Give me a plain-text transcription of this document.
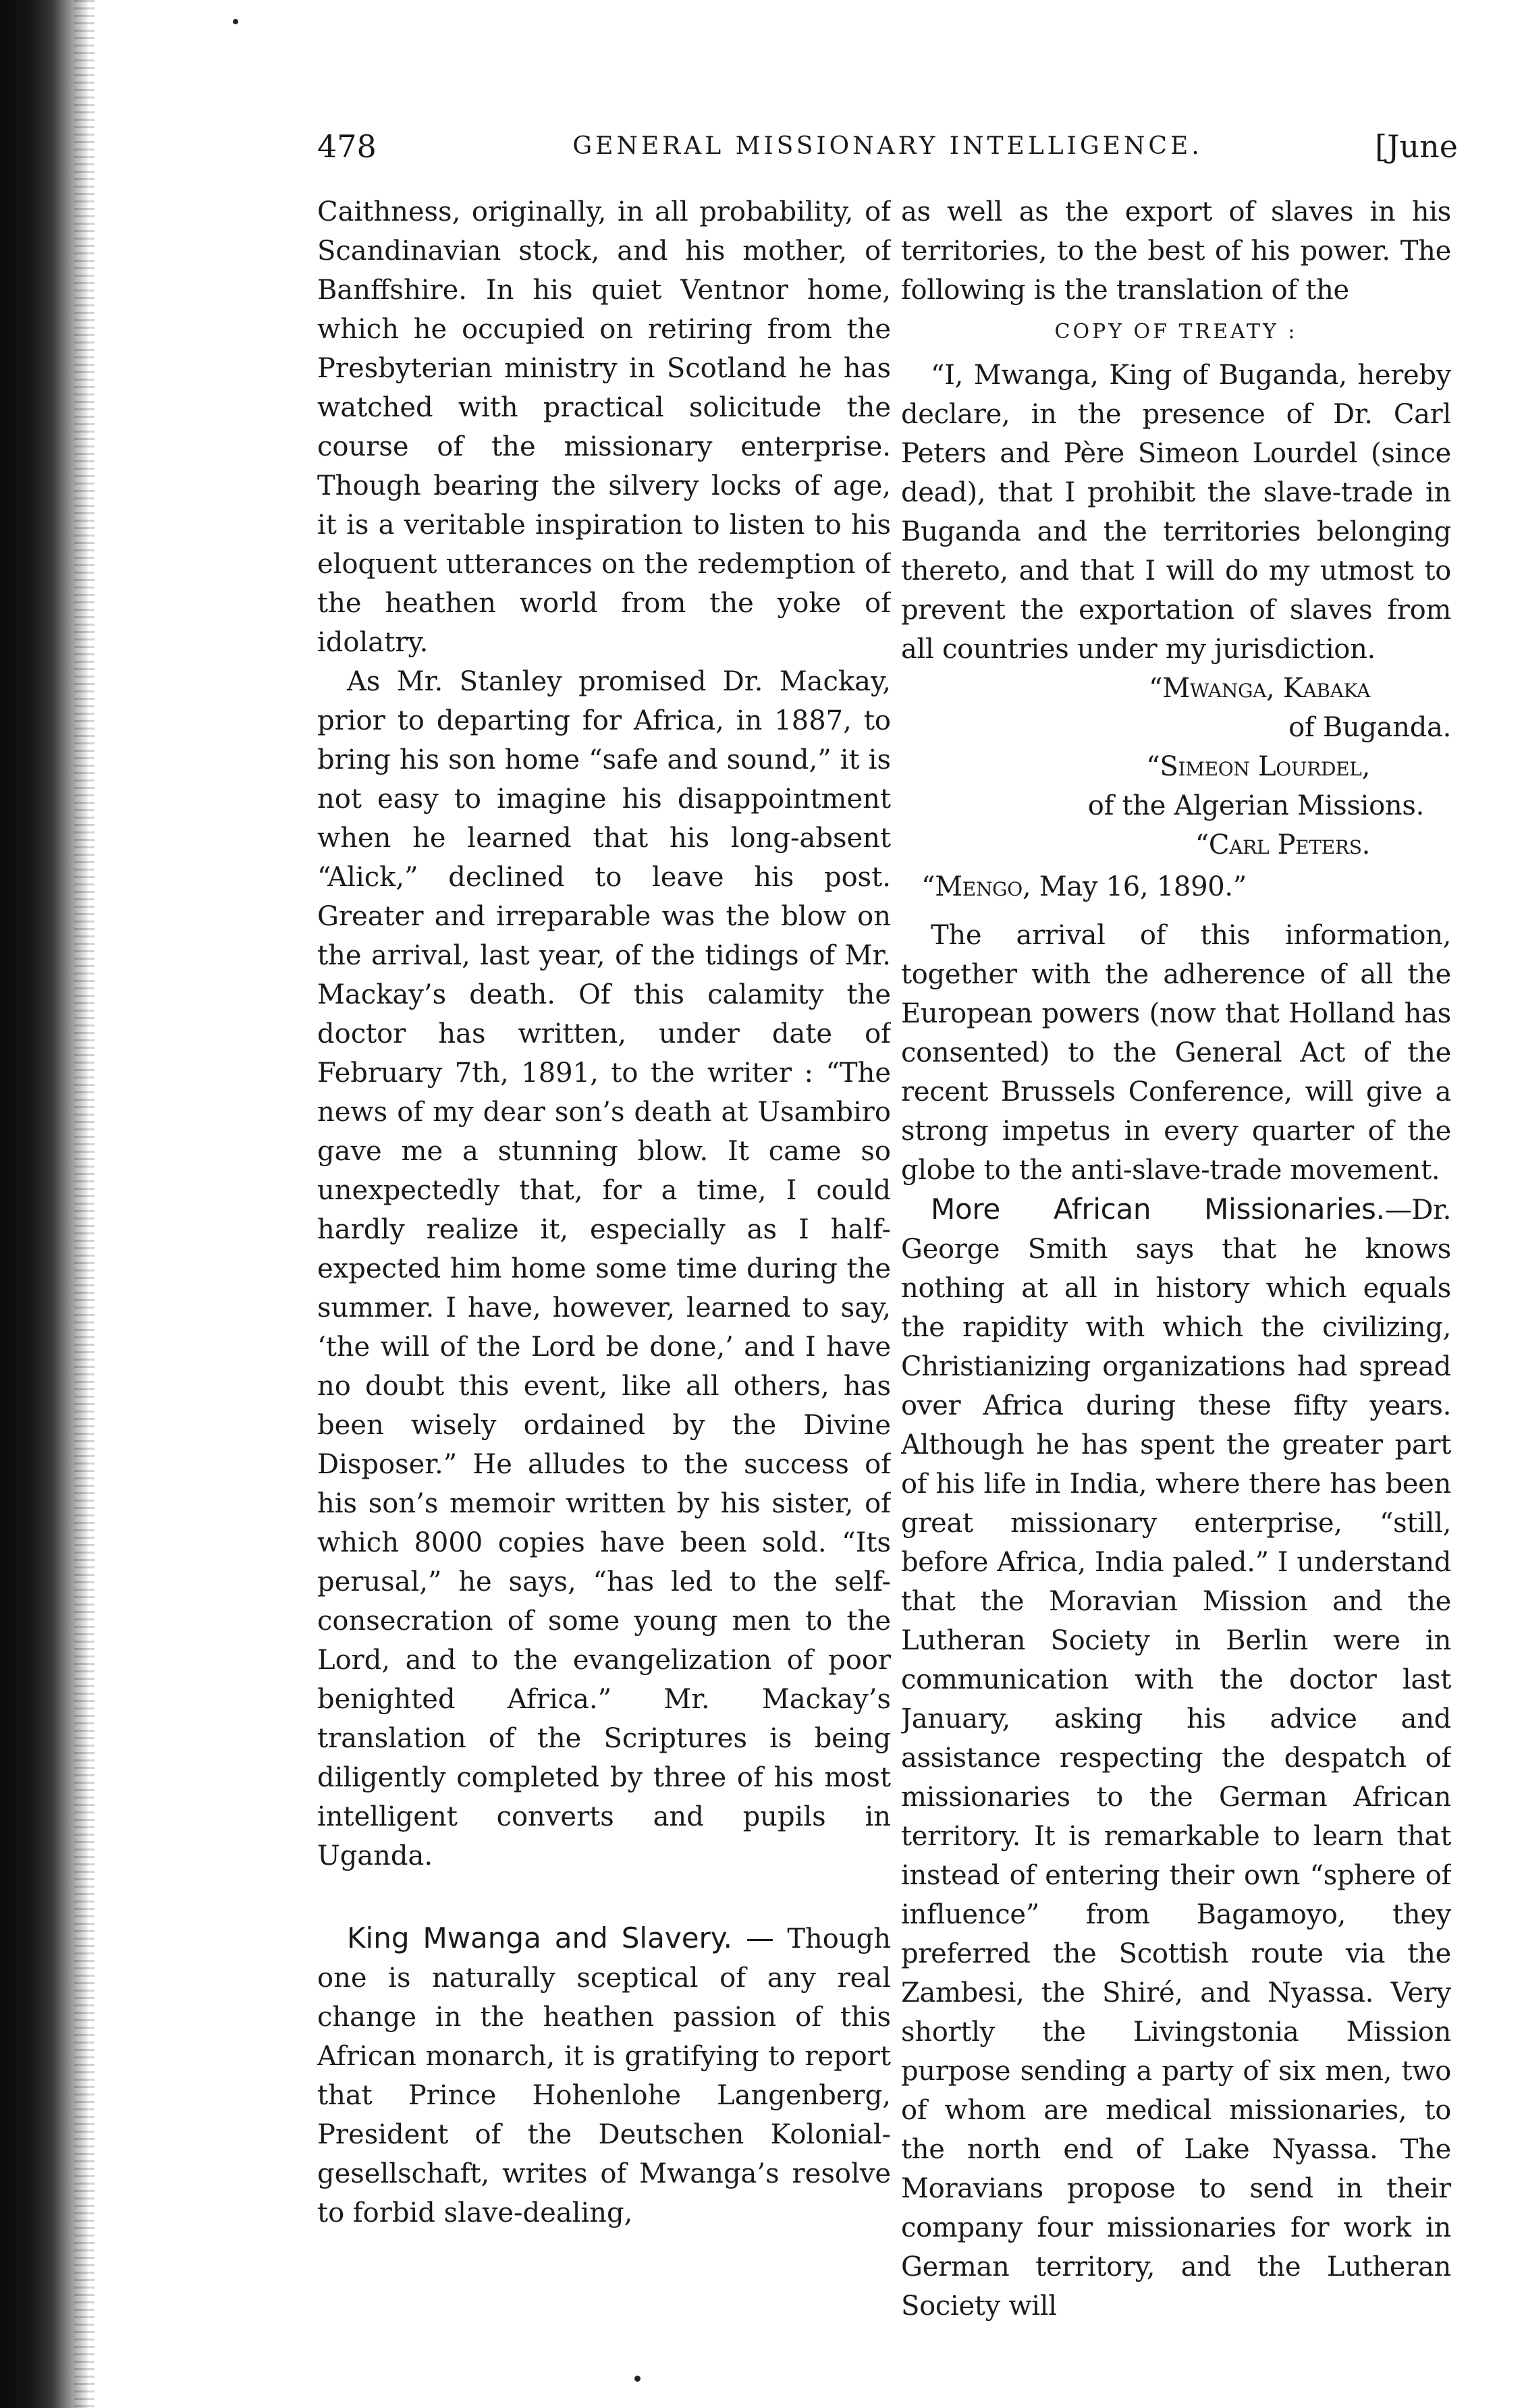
478	GENERAL MISSIONARY INTELLIGENCE.	[June

Caithness, originally, in all probability, of Scandinavian stock, and his mother, of Banffshire. In his quiet Ventnor home, which he occupied on retiring from the Presbyterian ministry in Scotland he has watched with practical solicitude the course of the missionary enterprise. Though bearing the silvery locks of age, it is a veritable inspiration to listen to his eloquent utterances on the redemption of the heathen world from the yoke of idolatry.

As Mr. Stanley promised Dr. Mackay, prior to departing for Africa, in 1887, to bring his son home “safe and sound,” it is not easy to imagine his disappointment when he learned that his long-absent “Alick,” declined to leave his post. Greater and irreparable was the blow on the arrival, last year, of the tidings of Mr. Mackay’s death. Of this calamity the doctor has written, under date of February 7th, 1891, to the writer : “The news of my dear son’s death at Usambiro gave me a stunning blow. It came so unexpectedly that, for a time, I could hardly realize it, especially as I half-expected him home some time during the summer. I have, however, learned to say, ‘the will of the Lord be done,’ and I have no doubt this event, like all others, has been wisely ordained by the Divine Disposer.” He alludes to the success of his son’s memoir written by his sister, of which 8000 copies have been sold. “Its perusal,” he says, “has led to the self-consecration of some young men to the Lord, and to the evangelization of poor benighted Africa.” Mr. Mackay’s translation of the Scriptures is being diligently completed by three of his most intelligent converts and pupils in Uganda.

King Mwanga and Slavery. — Though one is naturally sceptical of any real change in the heathen passion of this African monarch, it is gratifying to report that Prince Hohenlohe Langenberg, President of the Deutschen Kolonial-gesellschaft, writes of Mwanga’s resolve to forbid slave-dealing,

as well as the export of slaves in his territories, to the best of his power. The following is the translation of the

COPY OF TREATY :

“I, Mwanga, King of Buganda, hereby declare, in the presence of Dr. Carl Peters and Père Simeon Lourdel (since dead), that I prohibit the slave-trade in Buganda and the territories belonging thereto, and that I will do my utmost to prevent the exportation of slaves from all countries under my jurisdiction.

“Mwanga, Kabaka

of Buganda.

“Simeon Lourdel,

of the Algerian Missions.

“Carl Peters.

“Mengo, May 16, 1890.”

The arrival of this information, together with the adherence of all the European powers (now that Holland has consented) to the General Act of the recent Brussels Conference, will give a strong impetus in every quarter of the globe to the anti-slave-trade movement.

More African Missionaries.—Dr. George Smith says that he knows nothing at all in history which equals the rapidity with which the civilizing, Christianizing organizations had spread over Africa during these fifty years. Although he has spent the greater part of his life in India, where there has been great missionary enterprise, “still, before Africa, India paled.” I understand that the Moravian Mission and the Lutheran Society in Berlin were in communication with the doctor last January, asking his advice and assistance respecting the despatch of missionaries to the German African territory. It is remarkable to learn that instead of entering their own “sphere of influence” from Bagamoyo, they preferred the Scottish route via the Zambesi, the Shiré, and Nyassa. Very shortly the Livingstonia Mission purpose sending a party of six men, two of whom are medical missionaries, to the north end of Lake Nyassa. The Moravians propose to send in their company four missionaries for work in German territory, and the Lutheran Society will
